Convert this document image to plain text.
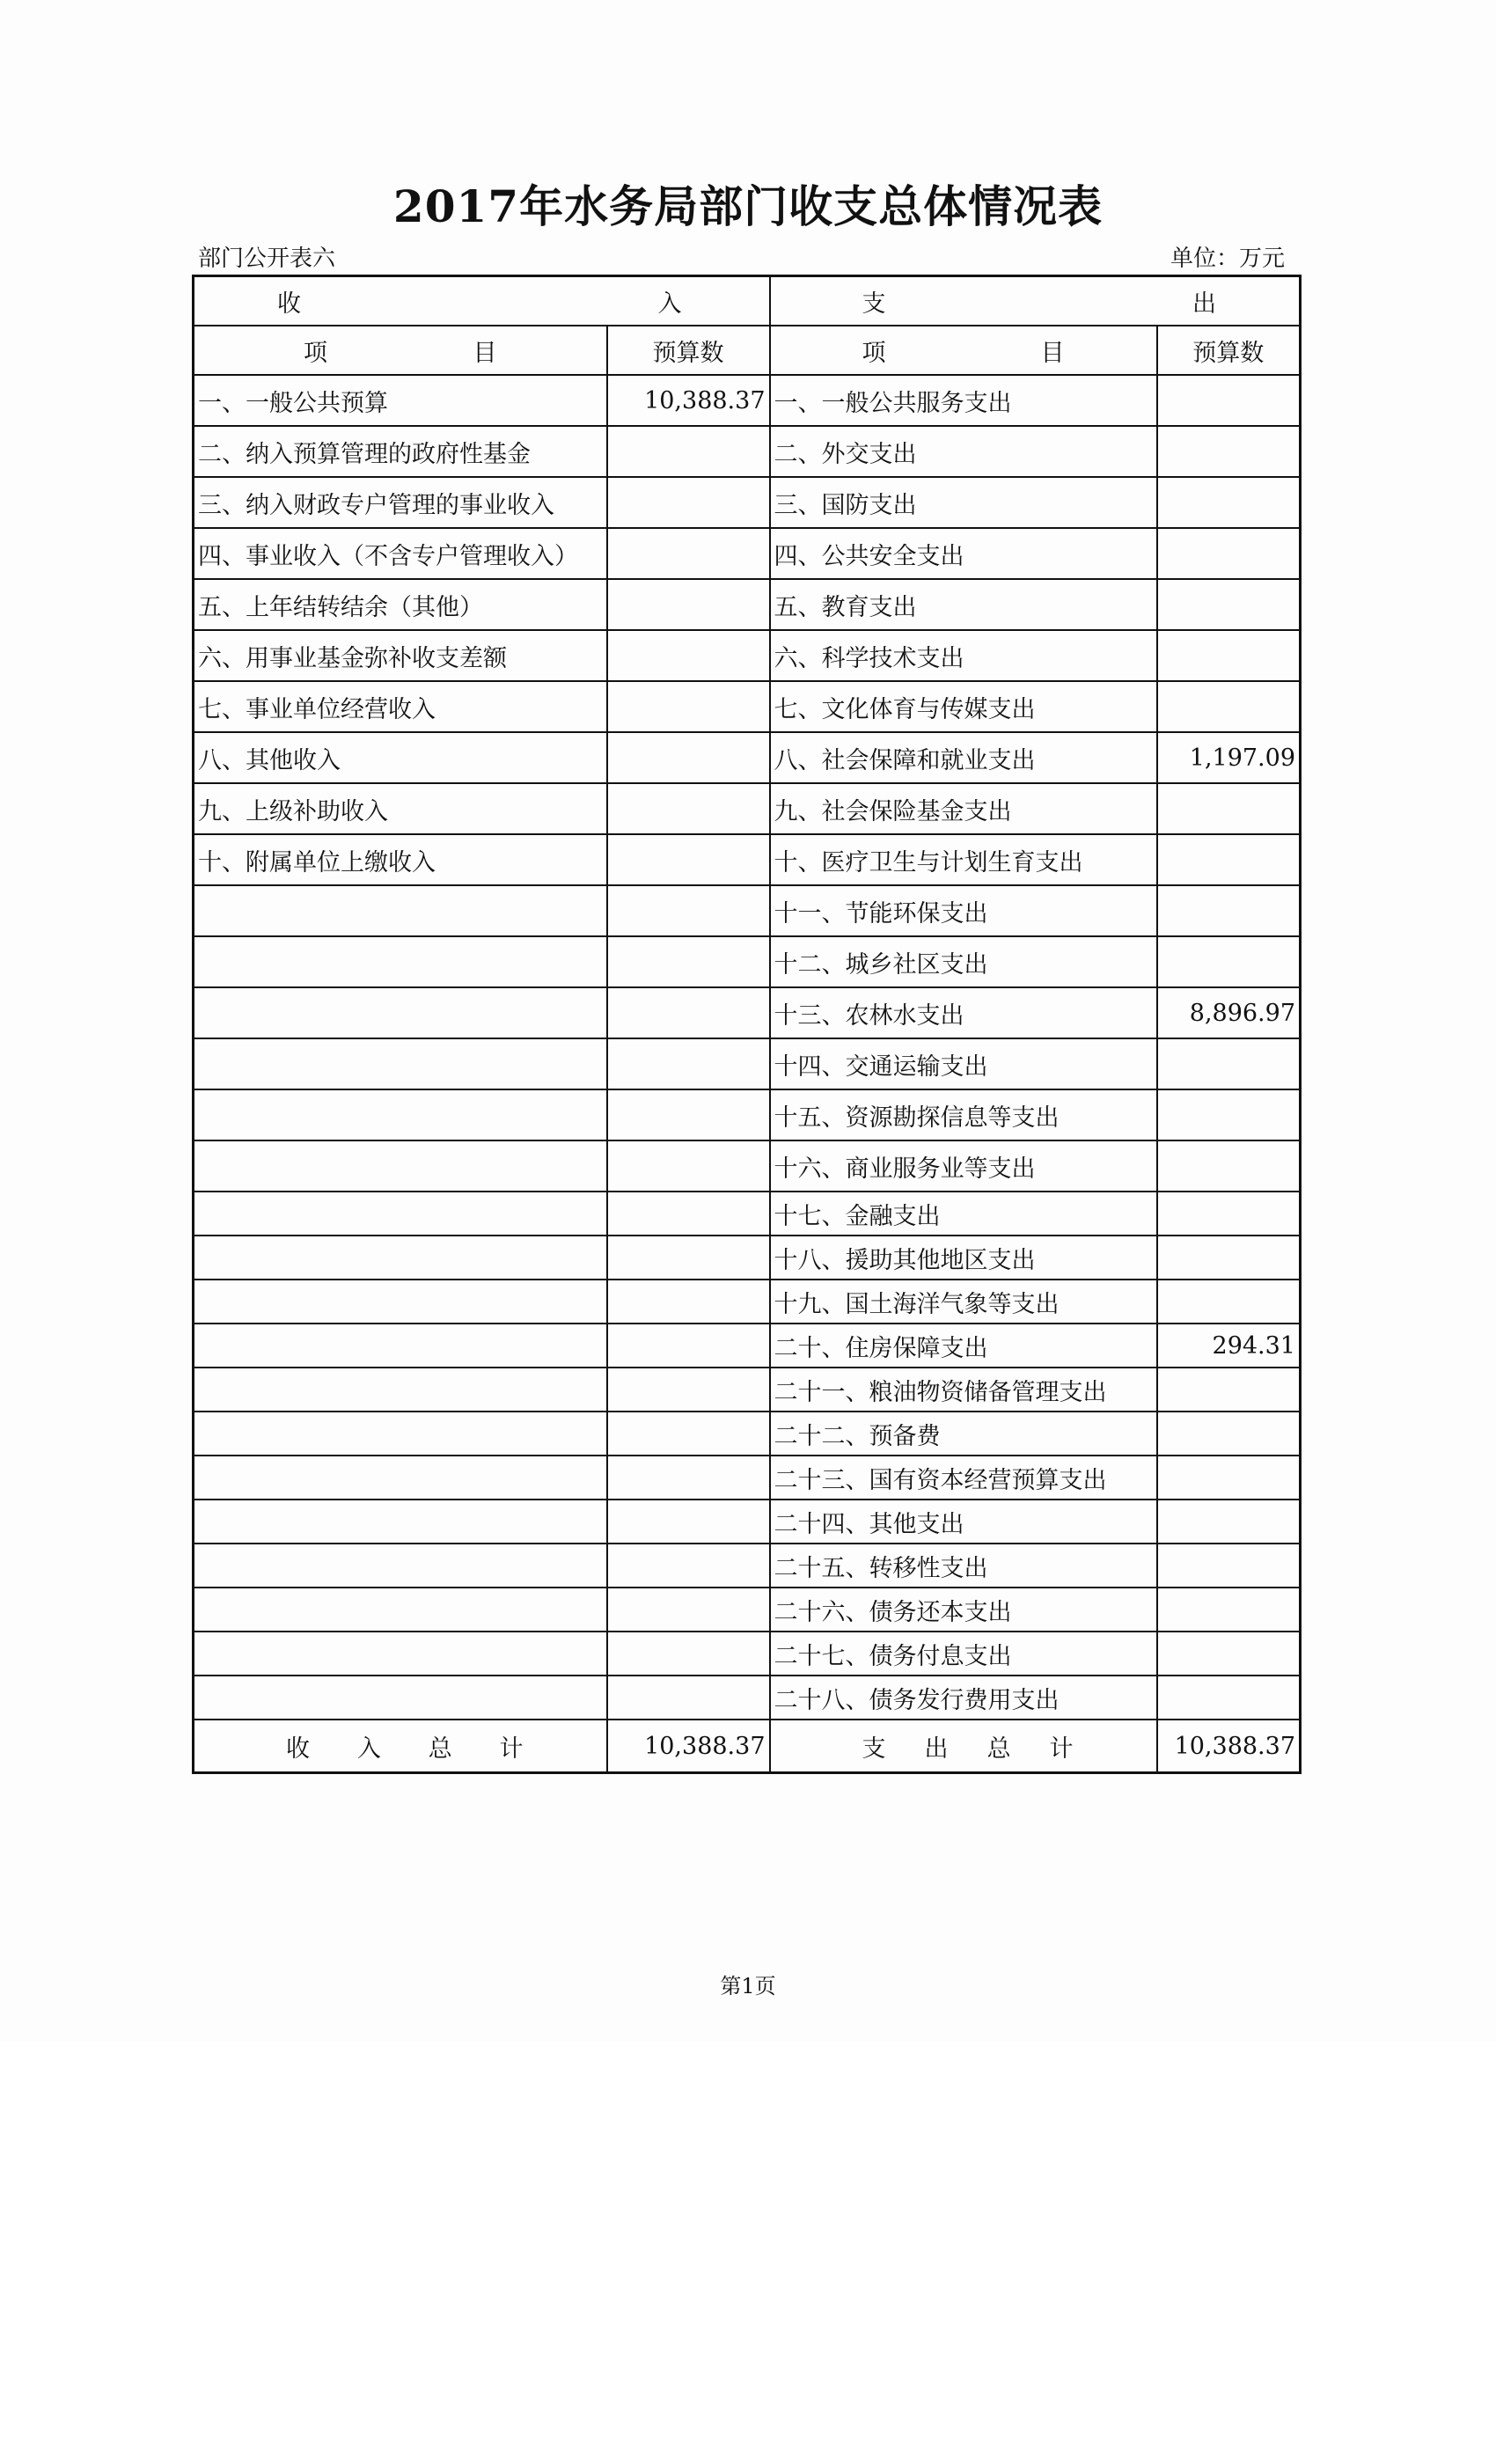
2017年水务局部门收支总体情况表
部门公开表六	单位：万元
收 入		支 出	

项 目	预算数	项 目	预算数
一、一般公共预算	10,388.37	一、一般公共服务支出	
二、纳入预算管理的政府性基金		二、外交支出	
三、纳入财政专户管理的事业收入		三、国防支出	
四、事业收入（不含专户管理收入）		四、公共安全支出	
五、上年结转结余（其他）		五、教育支出	
六、用事业基金弥补收支差额		六、科学技术支出	
七、事业单位经营收入		七、文化体育与传媒支出	
八、其他收入		八、社会保障和就业支出	1,197.09
九、上级补助收入		九、社会保险基金支出	
十、附属单位上缴收入		十、医疗卫生与计划生育支出	
		十一、节能环保支出	
		十二、城乡社区支出	
		十三、农林水支出	8,896.97
		十四、交通运输支出	
		十五、资源勘探信息等支出	
		十六、商业服务业等支出	
		十七、金融支出	
		十八、援助其他地区支出	
		十九、国土海洋气象等支出	
		二十、住房保障支出	294.31
		二十一、粮油物资储备管理支出	
		二十二、预备费	
		二十三、国有资本经营预算支出	
		二十四、其他支出	
		二十五、转移性支出	
		二十六、债务还本支出	
		二十七、债务付息支出	
		二十八、债务发行费用支出	

收 入 总 计	10,388.37	支 出 总 计	10,388.37
第1页
